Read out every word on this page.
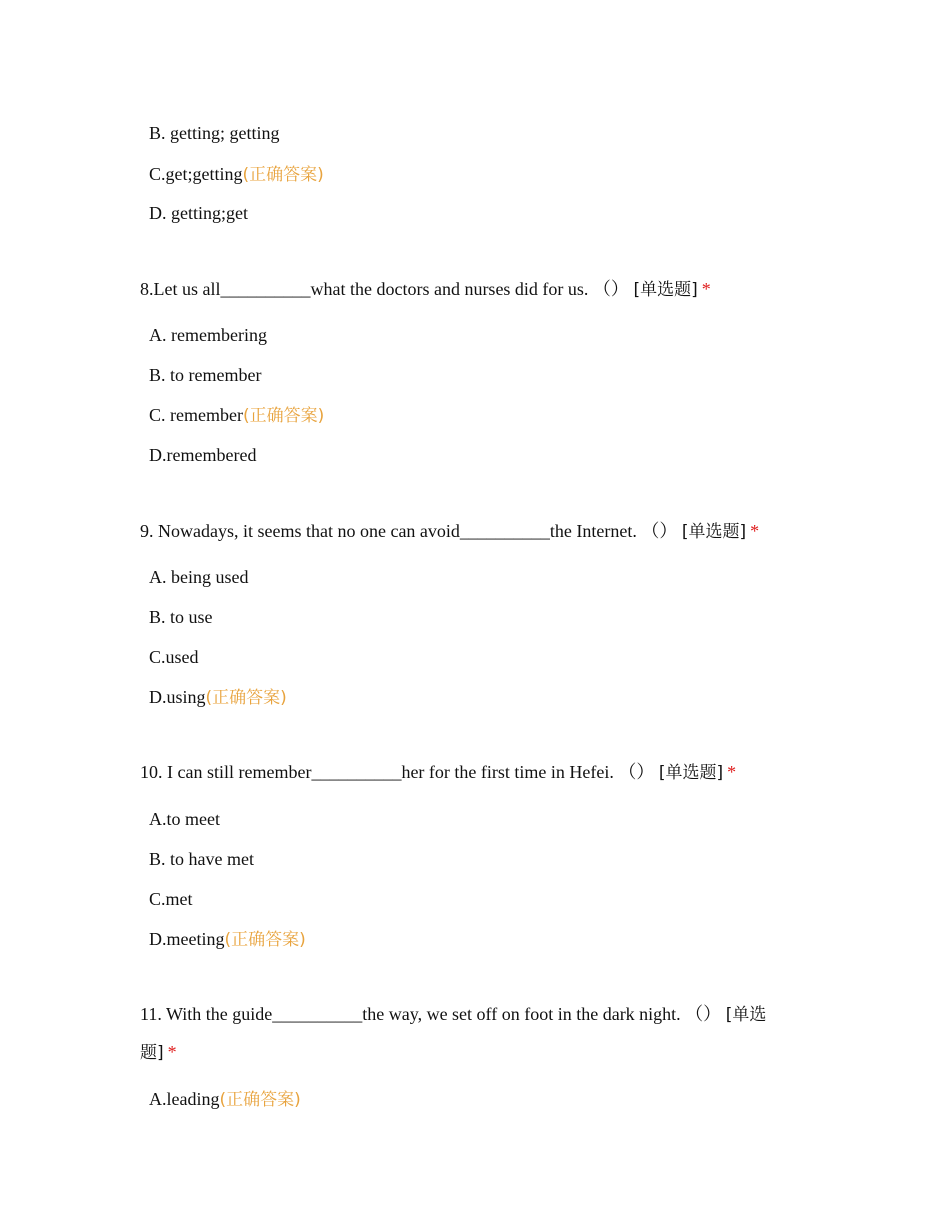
B. getting; getting
C.get;getting(正确答案)
D. getting;get
8.Let us all__________what the doctors and nurses did for us. （） [单选题] *
A. remembering
B. to remember
C. remember(正确答案)
D.remembered
9. Nowadays, it seems that no one can avoid__________the Internet. （） [单选题] *
A. being used
B. to use
C.used
D.using(正确答案)
10. I can still remember__________her for the first time in Hefei. （） [单选题] *
A.to meet
B. to have met
C.met
D.meeting(正确答案)
11. With the guide__________the way, we set off on foot in the dark night. （） [单选题] *
A.leading(正确答案)
